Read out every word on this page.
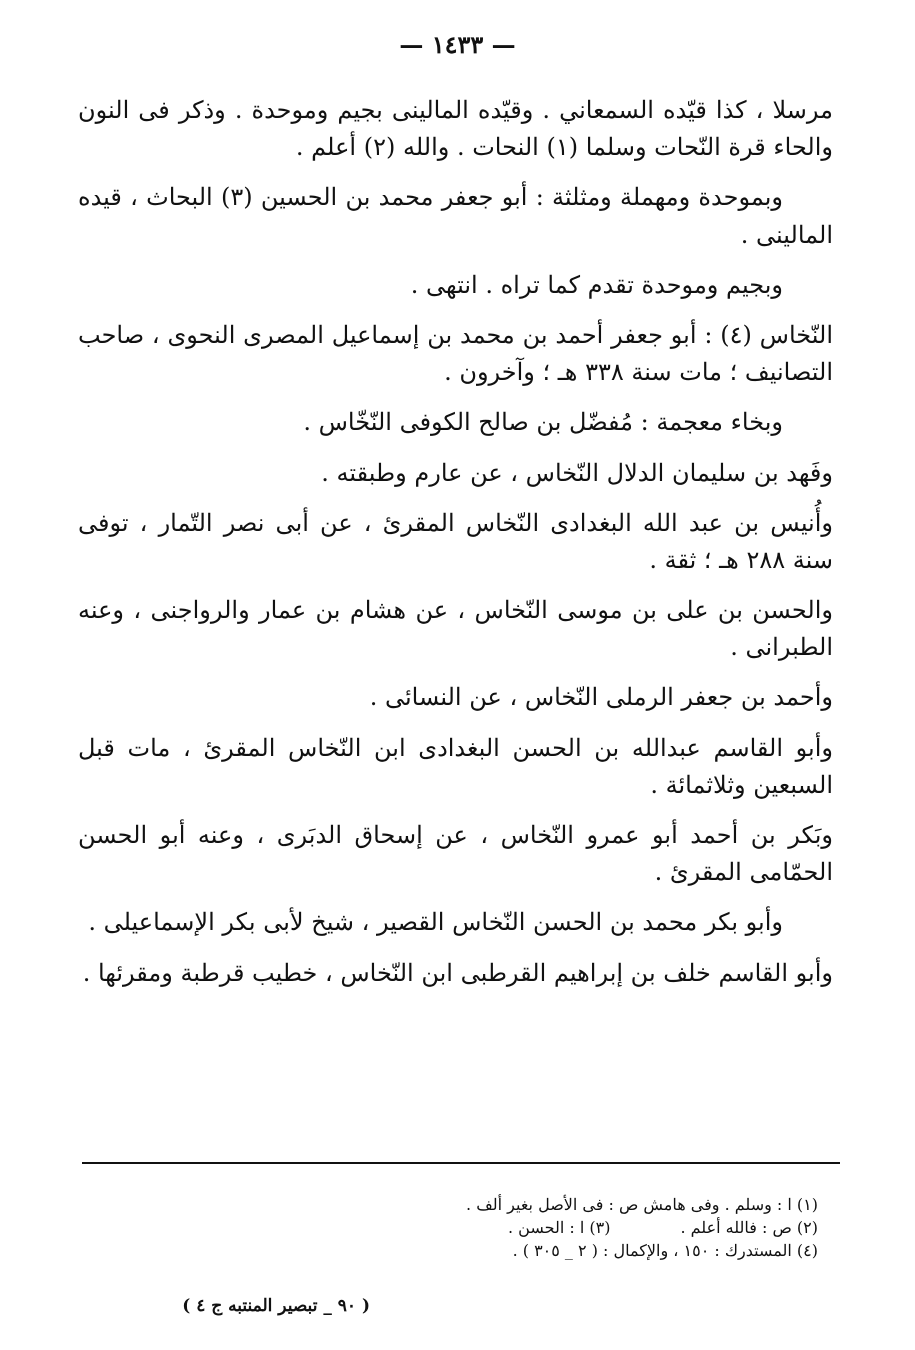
— ١٤٣٣ —

مرسلا ، كذا قيّده السمعاني . وقيّده المالينى بجيم وموحدة . وذكر فى النون والحاء قرة النّحات وسلما (١) النحات . والله (٢) أعلم .

وبموحدة ومهملة ومثلثة : أبو جعفر محمد بن الحسين (٣) البحاث ، قيده المالينى .

وبجيم وموحدة تقدم كما تراه . انتهى .

النّخاس (٤) : أبو جعفر أحمد بن محمد بن إسماعيل المصرى النحوى ، صاحب التصانيف ؛ مات سنة ٣٣٨ هـ ؛ وآخرون .

وبخاء معجمة : مُفضّل بن صالح الكوفى النّخّاس .

وفَهد بن سليمان الدلال النّخاس ، عن عارم وطبقته .

وأُنيس بن عبد الله البغدادى النّخاس المقرئ ، عن أبى نصر التّمار ، توفى سنة ٢٨٨ هـ ؛ ثقة .

والحسن بن على بن موسى النّخاس ، عن هشام بن عمار والرواجنى ، وعنه الطبرانى .

وأحمد بن جعفر الرملى النّخاس ، عن النسائى .

وأبو القاسم عبدالله بن الحسن البغدادى ابن النّخاس المقرئ ، مات قبل السبعين وثلاثمائة .

وبَكر بن أحمد أبو عمرو النّخاس ، عن إسحاق الدبَرى ، وعنه أبو الحسن الحمّامى المقرئ .

وأبو بكر محمد بن الحسن النّخاس القصير ، شيخ لأبى بكر الإسماعيلى .

وأبو القاسم خلف بن إبراهيم القرطبى ابن النّخاس ، خطيب قرطبة ومقرئها .

(١) ا : وسلم . وفى هامش ص : فى الأصل بغير ألف .
(٢) ص : فالله أعلم .
(٣) ا : الحسن .
(٤) المستدرك : ١٥٠ ، والإكمال : ( ٢ _ ٣٠٥ ) .
( ٩٠ _ تبصير المنتبه ج ٤ )
